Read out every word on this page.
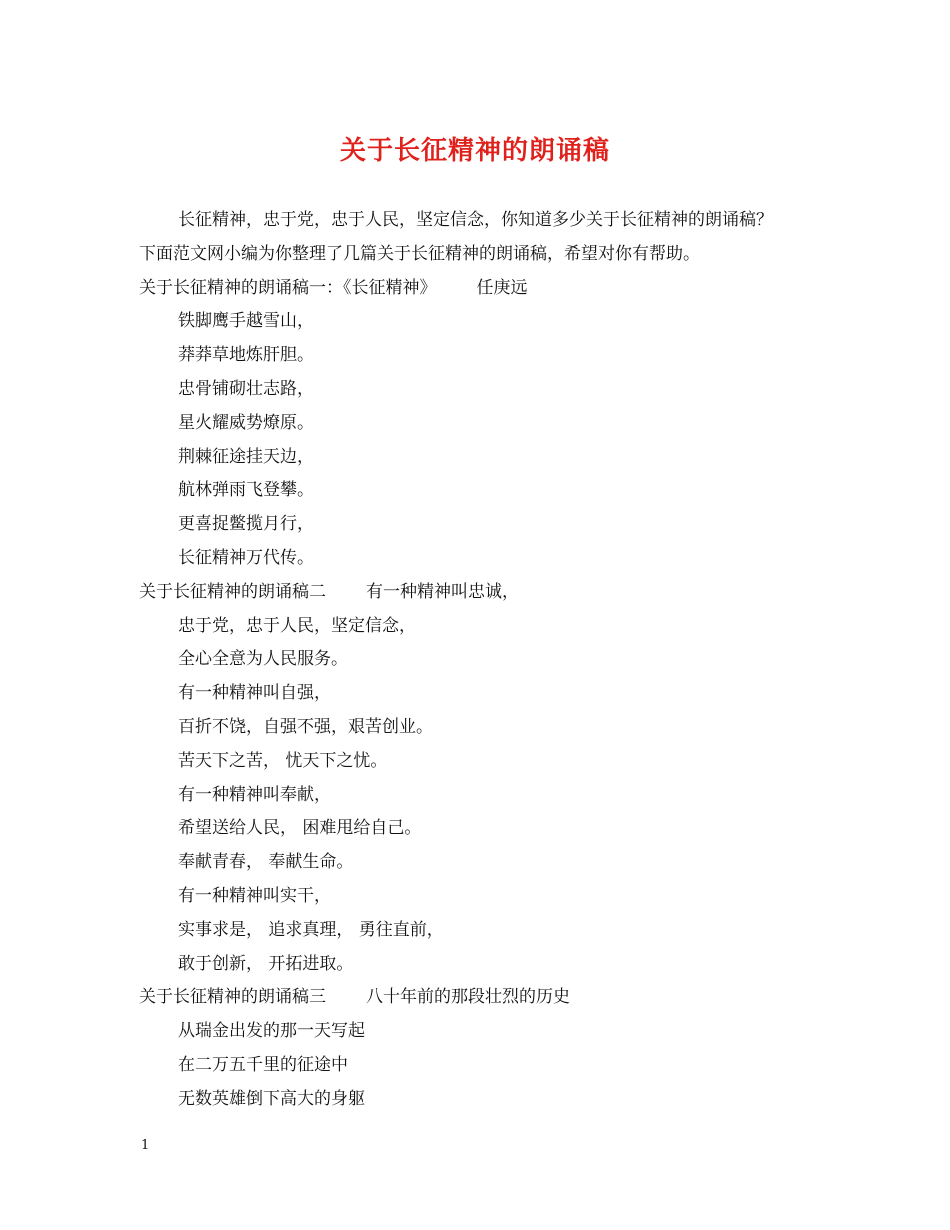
关于长征精神的朗诵稿
长征精神，忠于党，忠于人民，坚定信念，你知道多少关于长征精神的朗诵稿？
下面范文网小编为你整理了几篇关于长征精神的朗诵稿，希望对你有帮助。
关于长征精神的朗诵稿一：《长征精神》 任庚远
铁脚鹰手越雪山，
莽莽草地炼肝胆。
忠骨铺砌壮志路，
星火耀威势燎原。
荆棘征途挂天边，
航林弹雨飞登攀。
更喜捉鳖揽月行，
长征精神万代传。
关于长征精神的朗诵稿二 有一种精神叫忠诚，
忠于党，忠于人民，坚定信念，
全心全意为人民服务。
有一种精神叫自强，
百折不饶，自强不强，艰苦创业。
苦天下之苦， 忧天下之忧。
有一种精神叫奉献，
希望送给人民， 困难甩给自己。
奉献青春， 奉献生命。
有一种精神叫实干，
实事求是， 追求真理， 勇往直前，
敢于创新， 开拓进取。
关于长征精神的朗诵稿三 八十年前的那段壮烈的历史
从瑞金出发的那一天写起
在二万五千里的征途中
无数英雄倒下高大的身躯

1
